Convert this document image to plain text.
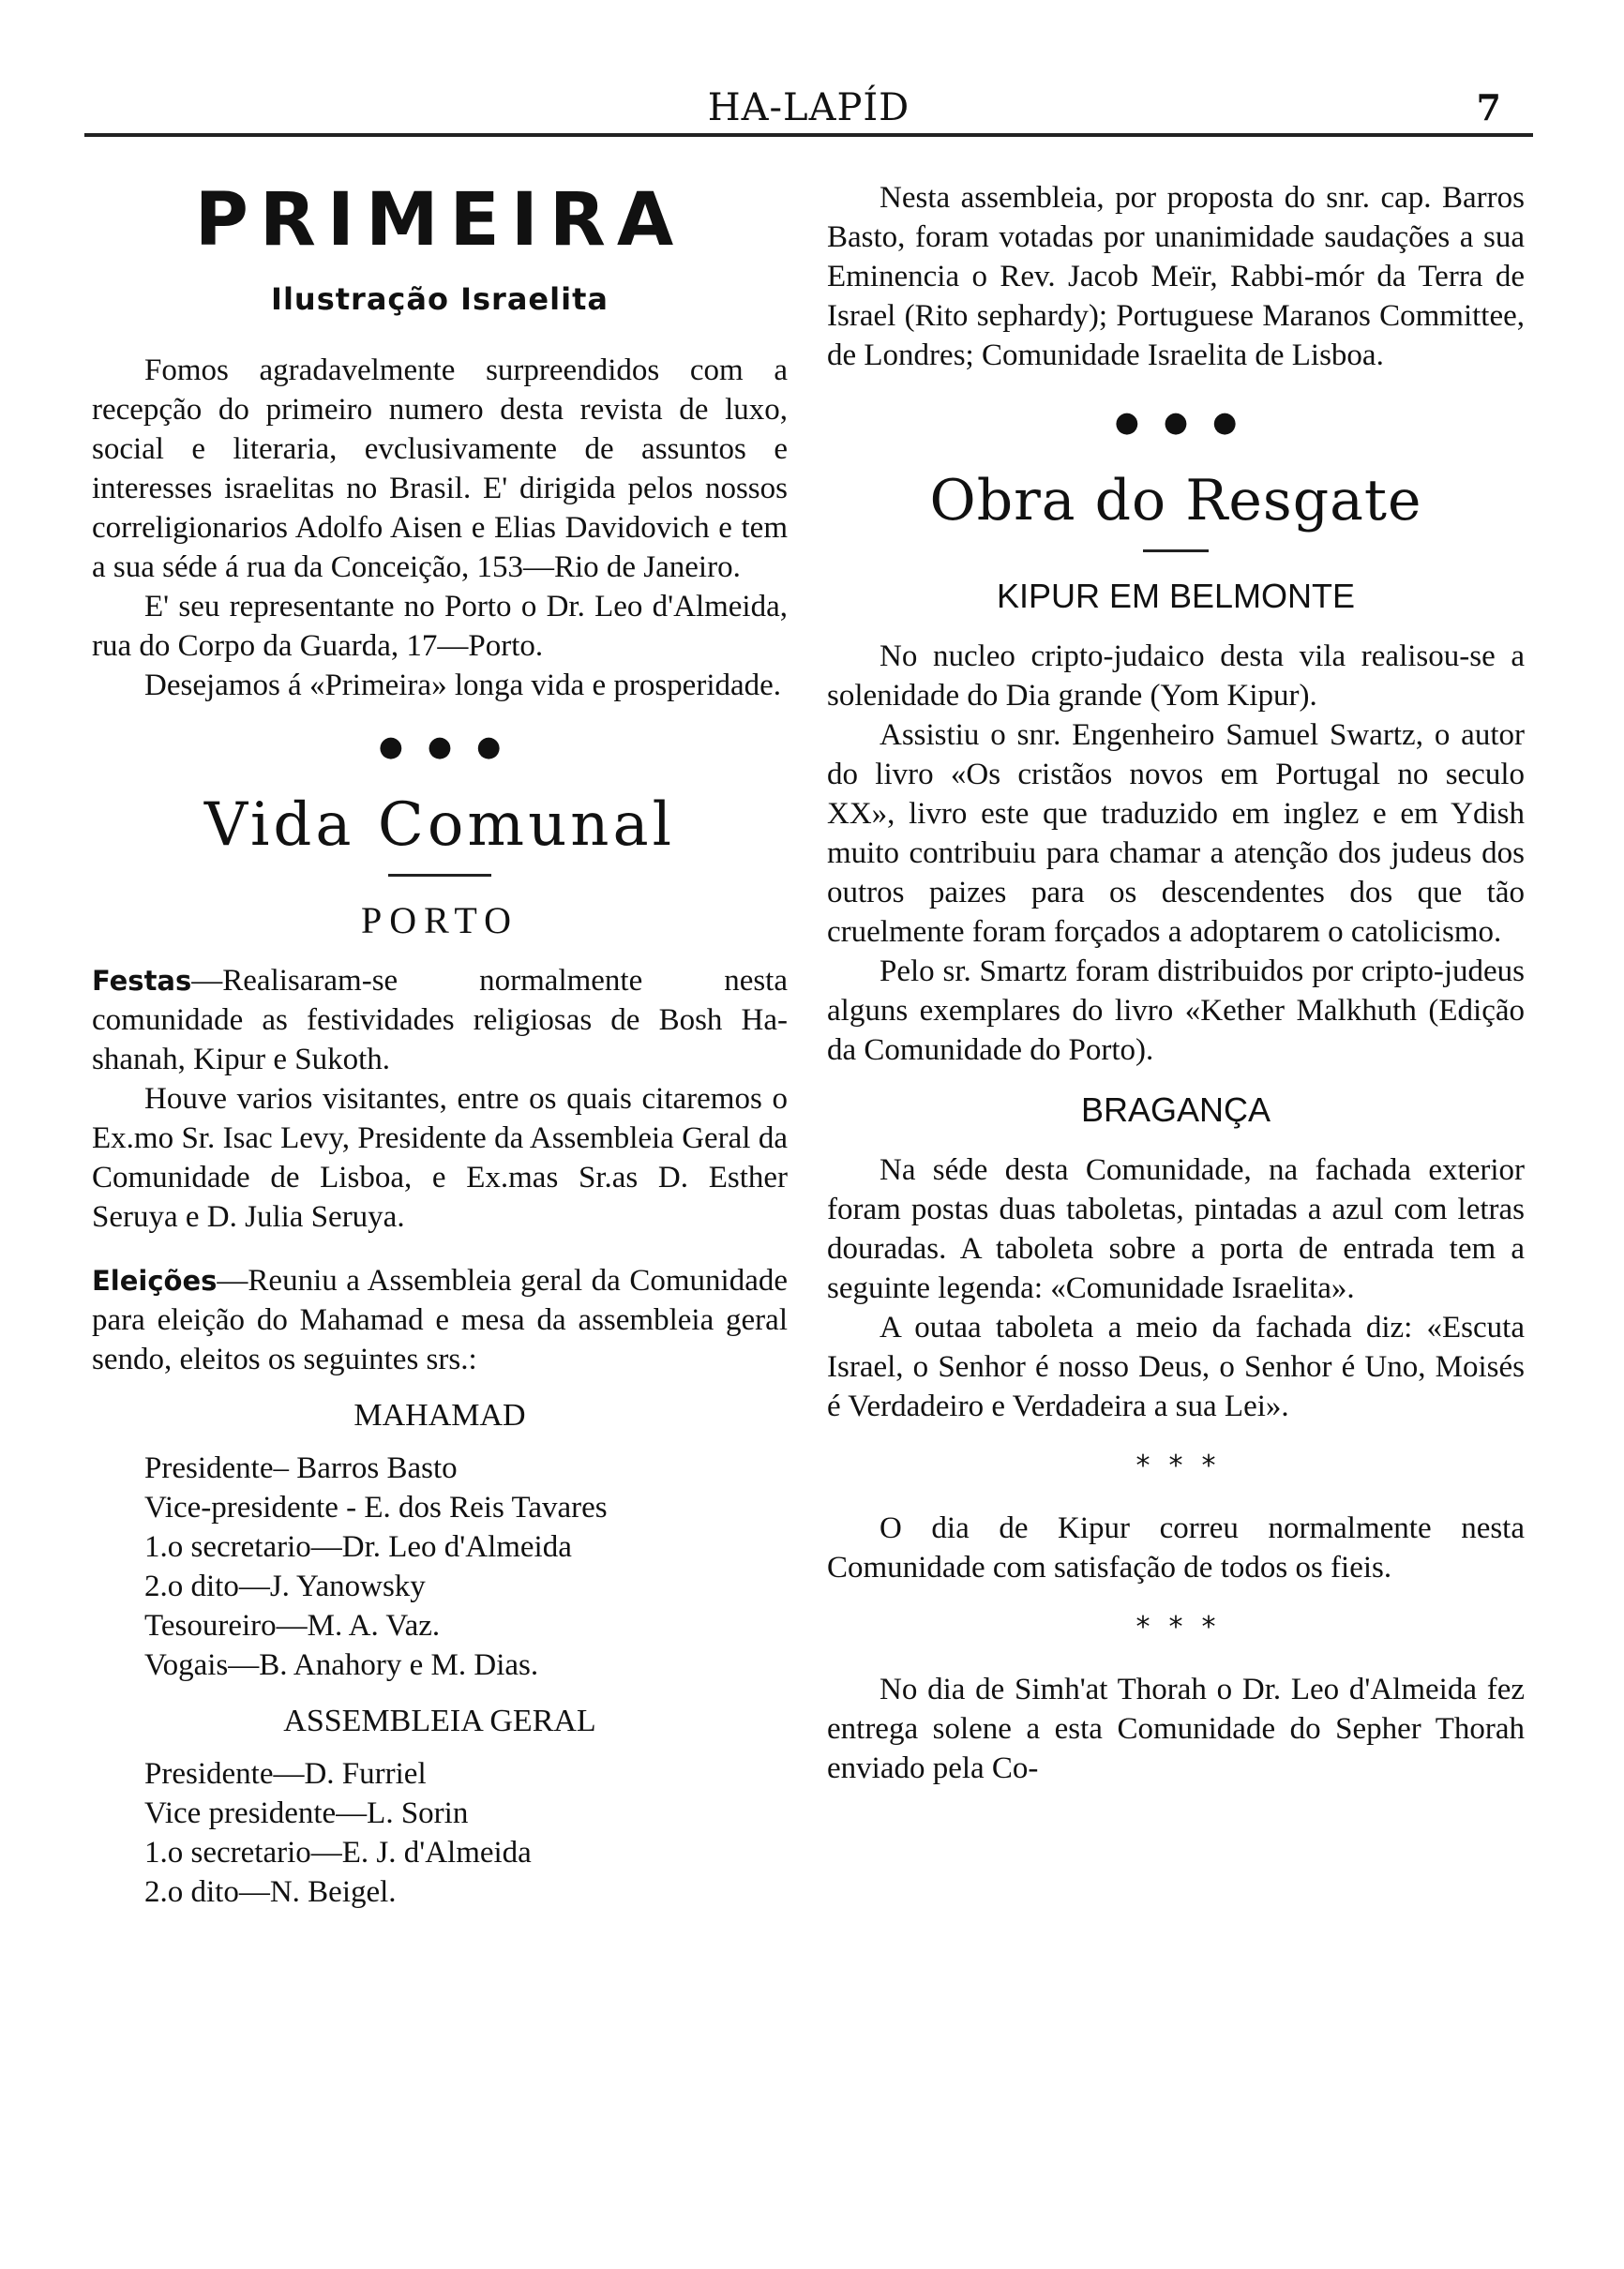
HA-LAPÍD	7
PRIMEIRA
Ilustração Israelita

Fomos agradavelmente surpreendidos com a recepção do primeiro numero desta revista de luxo, social e literaria, evclusivamente de assuntos e interesses israelitas no Brasil. E' dirigida pelos nossos correligionarios Adolfo Aisen e Elias Davidovich e tem a sua séde á rua da Conceição, 153—Rio de Janeiro.

E' seu representante no Porto o Dr. Leo d'Almeida, rua do Corpo da Guarda, 17—Porto.

Desejamos á «Primeira» longa vida e prosperidade.

●●●
Vida Comunal
PORTO

Festas—Realisaram-se normalmente nesta comunidade as festividades religiosas de Bosh Ha-shanah, Kipur e Sukoth.

Houve varios visitantes, entre os quais citaremos o Ex.mo Sr. Isac Levy, Presidente da Assembleia Geral da Comunidade de Lisboa, e Ex.mas Sr.as D. Esther Seruya e D. Julia Seruya.

Eleições—Reuniu a Assembleia geral da Comunidade para eleição do Mahamad e mesa da assembleia geral sendo, eleitos os seguintes srs.:

MAHAMAD
Presidente– Barros Basto
Vice-presidente - E. dos Reis Tavares
1.o secretario—Dr. Leo d'Almeida
2.o dito—J. Yanowsky
Tesoureiro—M. A. Vaz.
Vogais—B. Anahory e M. Dias.
ASSEMBLEIA GERAL
Presidente—D. Furriel
Vice presidente—L. Sorin
1.o secretario—E. J. d'Almeida
2.o dito—N. Beigel.

Nesta assembleia, por proposta do snr. cap. Barros Basto, foram votadas por unanimidade saudações a sua Eminencia o Rev. Jacob Meïr, Rabbi-mór da Terra de Israel (Rito sephardy); Portuguese Maranos Committee, de Londres; Comunidade Israelita de Lisboa.

●●●
Obra do Resgate
KIPUR EM BELMONTE

No nucleo cripto-judaico desta vila realisou-se a solenidade do Dia grande (Yom Kipur).

Assistiu o snr. Engenheiro Samuel Swartz, o autor do livro «Os cristãos novos em Portugal no seculo XX», livro este que traduzido em inglez e em Ydish muito contribuiu para chamar a atenção dos judeus dos outros paizes para os descendentes dos que tão cruelmente foram forçados a adoptarem o catolicismo.

Pelo sr. Smartz foram distribuidos por cripto-judeus alguns exemplares do livro «Kether Malkhuth (Edição da Comunidade do Porto).

BRAGANÇA

Na séde desta Comunidade, na fachada exterior foram postas duas taboletas, pintadas a azul com letras douradas. A taboleta sobre a porta de entrada tem a seguinte legenda: «Comunidade Israelita».

A outaa taboleta a meio da fachada diz: «Escuta Israel, o Senhor é nosso Deus, o Senhor é Uno, Moisés é Verdadeiro e Verdadeira a sua Lei».

***

O dia de Kipur correu normalmente nesta Comunidade com satisfação de todos os fieis.

***

No dia de Simh'at Thorah o Dr. Leo d'Almeida fez entrega solene a esta Comunidade do Sepher Thorah enviado pela Co-
